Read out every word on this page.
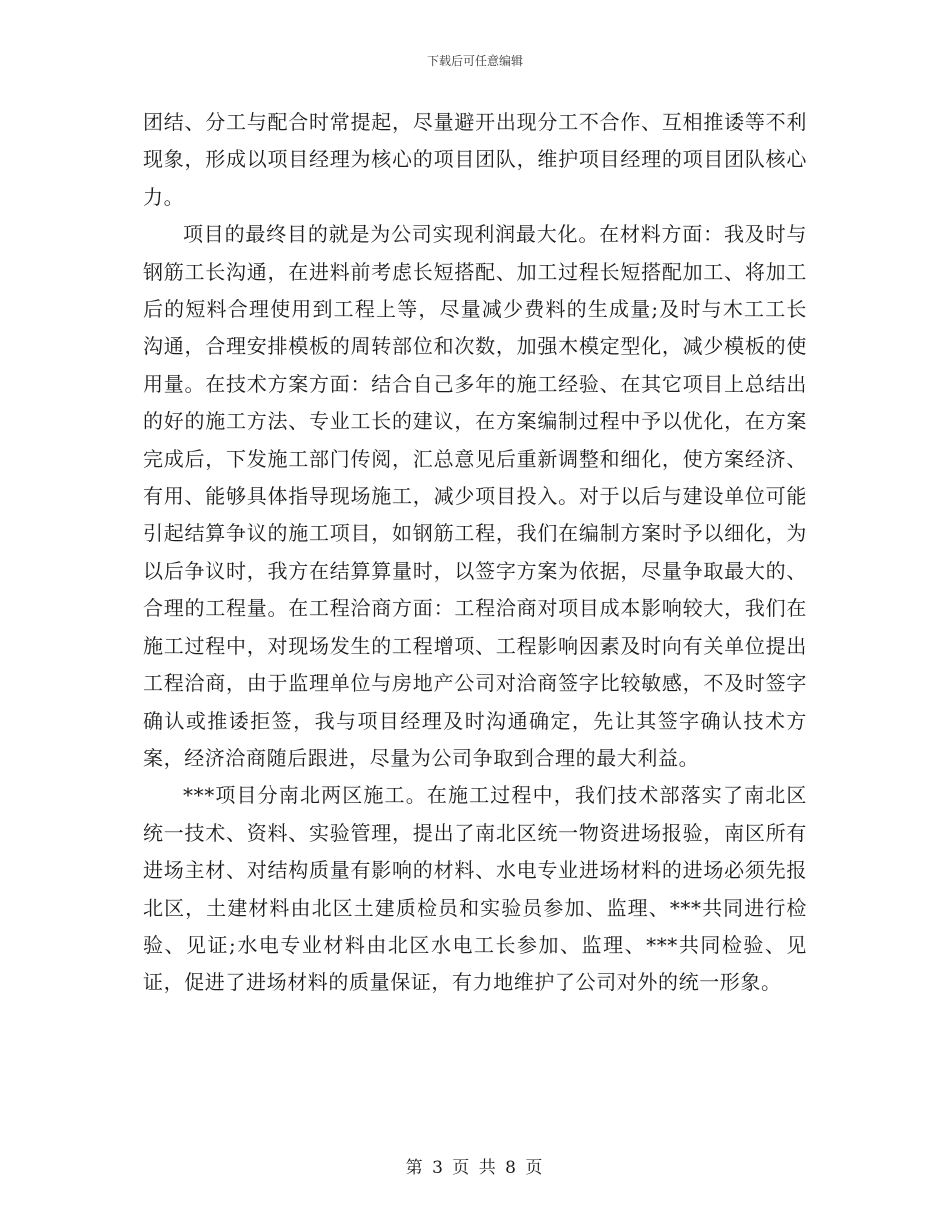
下载后可任意编辑

团结、分工与配合时常提起，尽量避开出现分工不合作、互相推诿等不利现象，形成以项目经理为核心的项目团队，维护项目经理的项目团队核心力。

项目的最终目的就是为公司实现利润最大化。在材料方面：我及时与钢筋工长沟通，在进料前考虑长短搭配、加工过程长短搭配加工、将加工后的短料合理使用到工程上等，尽量减少费料的生成量;及时与木工工长沟通，合理安排模板的周转部位和次数，加强木模定型化，减少模板的使用量。在技术方案方面：结合自己多年的施工经验、在其它项目上总结出的好的施工方法、专业工长的建议，在方案编制过程中予以优化，在方案完成后，下发施工部门传阅，汇总意见后重新调整和细化，使方案经济、有用、能够具体指导现场施工，减少项目投入。对于以后与建设单位可能引起结算争议的施工项目，如钢筋工程，我们在编制方案时予以细化，为以后争议时，我方在结算算量时，以签字方案为依据，尽量争取最大的、合理的工程量。在工程洽商方面：工程洽商对项目成本影响较大，我们在施工过程中，对现场发生的工程增项、工程影响因素及时向有关单位提出工程洽商，由于监理单位与房地产公司对洽商签字比较敏感，不及时签字确认或推诿拒签，我与项目经理及时沟通确定，先让其签字确认技术方案，经济洽商随后跟进，尽量为公司争取到合理的最大利益。

***项目分南北两区施工。在施工过程中，我们技术部落实了南北区统一技术、资料、实验管理，提出了南北区统一物资进场报验，南区所有进场主材、对结构质量有影响的材料、水电专业进场材料的进场必须先报北区，土建材料由北区土建质检员和实验员参加、监理、***共同进行检验、见证;水电专业材料由北区水电工长参加、监理、***共同检验、见证，促进了进场材料的质量保证，有力地维护了公司对外的统一形象。

第 3 页 共 8 页
